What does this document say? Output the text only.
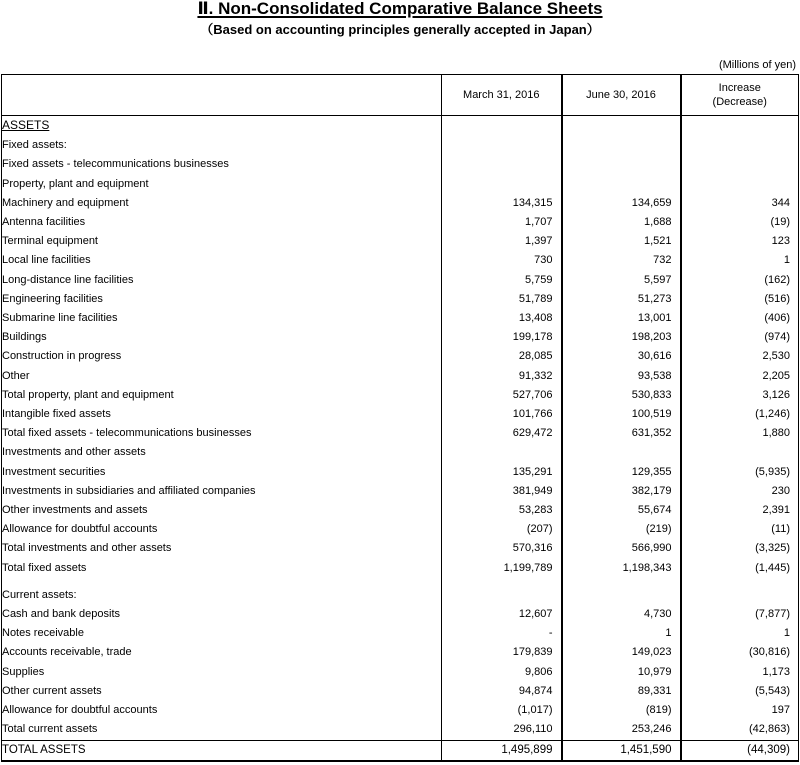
Ⅱ. Non-Consolidated Comparative Balance Sheets
（Based on accounting principles generally accepted in Japan）
(Millions of yen)
	March 31, 2016	June 30, 2016	Increase
(Decrease)

ASSETS			
Fixed assets:			
Fixed assets - telecommunications businesses			
Property, plant and equipment			
Machinery and equipment	134,315	134,659	344
Antenna facilities	1,707	1,688	(19)
Terminal equipment	1,397	1,521	123
Local line facilities	730	732	1
Long-distance line facilities	5,759	5,597	(162)
Engineering facilities	51,789	51,273	(516)
Submarine line facilities	13,408	13,001	(406)
Buildings	199,178	198,203	(974)
Construction in progress	28,085	30,616	2,530
Other	91,332	93,538	2,205
Total property, plant and equipment	527,706	530,833	3,126
Intangible fixed assets	101,766	100,519	(1,246)
Total fixed assets - telecommunications businesses	629,472	631,352	1,880
Investments and other assets			
Investment securities	135,291	129,355	(5,935)
Investments in subsidiaries and affiliated companies	381,949	382,179	230
Other investments and assets	53,283	55,674	2,391
Allowance for doubtful accounts	(207)	(219)	(11)
Total investments and other assets	570,316	566,990	(3,325)
Total fixed assets	1,199,789	1,198,343	(1,445)

Current assets:			
Cash and bank deposits	12,607	4,730	(7,877)
Notes receivable	-	1	1
Accounts receivable, trade	179,839	149,023	(30,816)
Supplies	9,806	10,979	1,173
Other current assets	94,874	89,331	(5,543)
Allowance for doubtful accounts	(1,017)	(819)	197
Total current assets	296,110	253,246	(42,863)
TOTAL ASSETS	1,495,899	1,451,590	(44,309)
